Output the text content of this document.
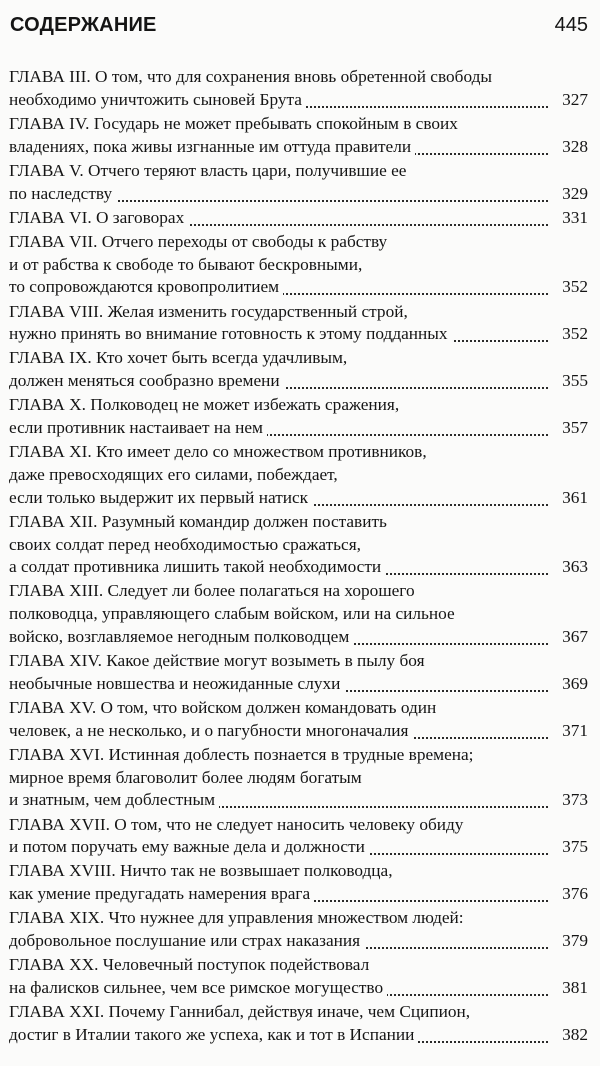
СОДЕРЖАНИЕ	445
ГЛАВА III. О том, что для сохранения вновь обретенной свободы
необходимо уничтожить сыновей Брута	327
ГЛАВА IV. Государь не может пребывать спокойным в своих
владениях, пока живы изгнанные им оттуда правители	328
ГЛАВА V. Отчего теряют власть цари, получившие ее
по наследству	329
ГЛАВА VI. О заговорах	331
ГЛАВА VII. Отчего переходы от свободы к рабству
и от рабства к свободе то бывают бескровными,
то сопровождаются кровопролитием	352
ГЛАВА VIII. Желая изменить государственный строй,
нужно принять во внимание готовность к этому подданных	352
ГЛАВА IX. Кто хочет быть всегда удачливым,
должен меняться сообразно времени	355
ГЛАВА X. Полководец не может избежать сражения,
если противник настаивает на нем	357
ГЛАВА XI. Кто имеет дело со множеством противников,
даже превосходящих его силами, побеждает,
если только выдержит их первый натиск	361
ГЛАВА XII. Разумный командир должен поставить
своих солдат перед необходимостью сражаться,
а солдат противника лишить такой необходимости	363
ГЛАВА XIII. Следует ли более полагаться на хорошего
полководца, управляющего слабым войском, или на сильное
войско, возглавляемое негодным полководцем	367
ГЛАВА XIV. Какое действие могут возыметь в пылу боя
необычные новшества и неожиданные слухи	369
ГЛАВА XV. О том, что войском должен командовать один
человек, а не несколько, и о пагубности многоначалия	371
ГЛАВА XVI. Истинная доблесть познается в трудные времена;
мирное время благоволит более людям богатым
и знатным, чем доблестным	373
ГЛАВА XVII. О том, что не следует наносить человеку обиду
и потом поручать ему важные дела и должности	375
ГЛАВА XVIII. Ничто так не возвышает полководца,
как умение предугадать намерения врага	376
ГЛАВА XIX. Что нужнее для управления множеством людей:
добровольное послушание или страх наказания	379
ГЛАВА XX. Человечный поступок подействовал
на фалисков сильнее, чем все римское могущество	381
ГЛАВА XXI. Почему Ганнибал, действуя иначе, чем Сципион,
достиг в Италии такого же успеха, как и тот в Испании	382
